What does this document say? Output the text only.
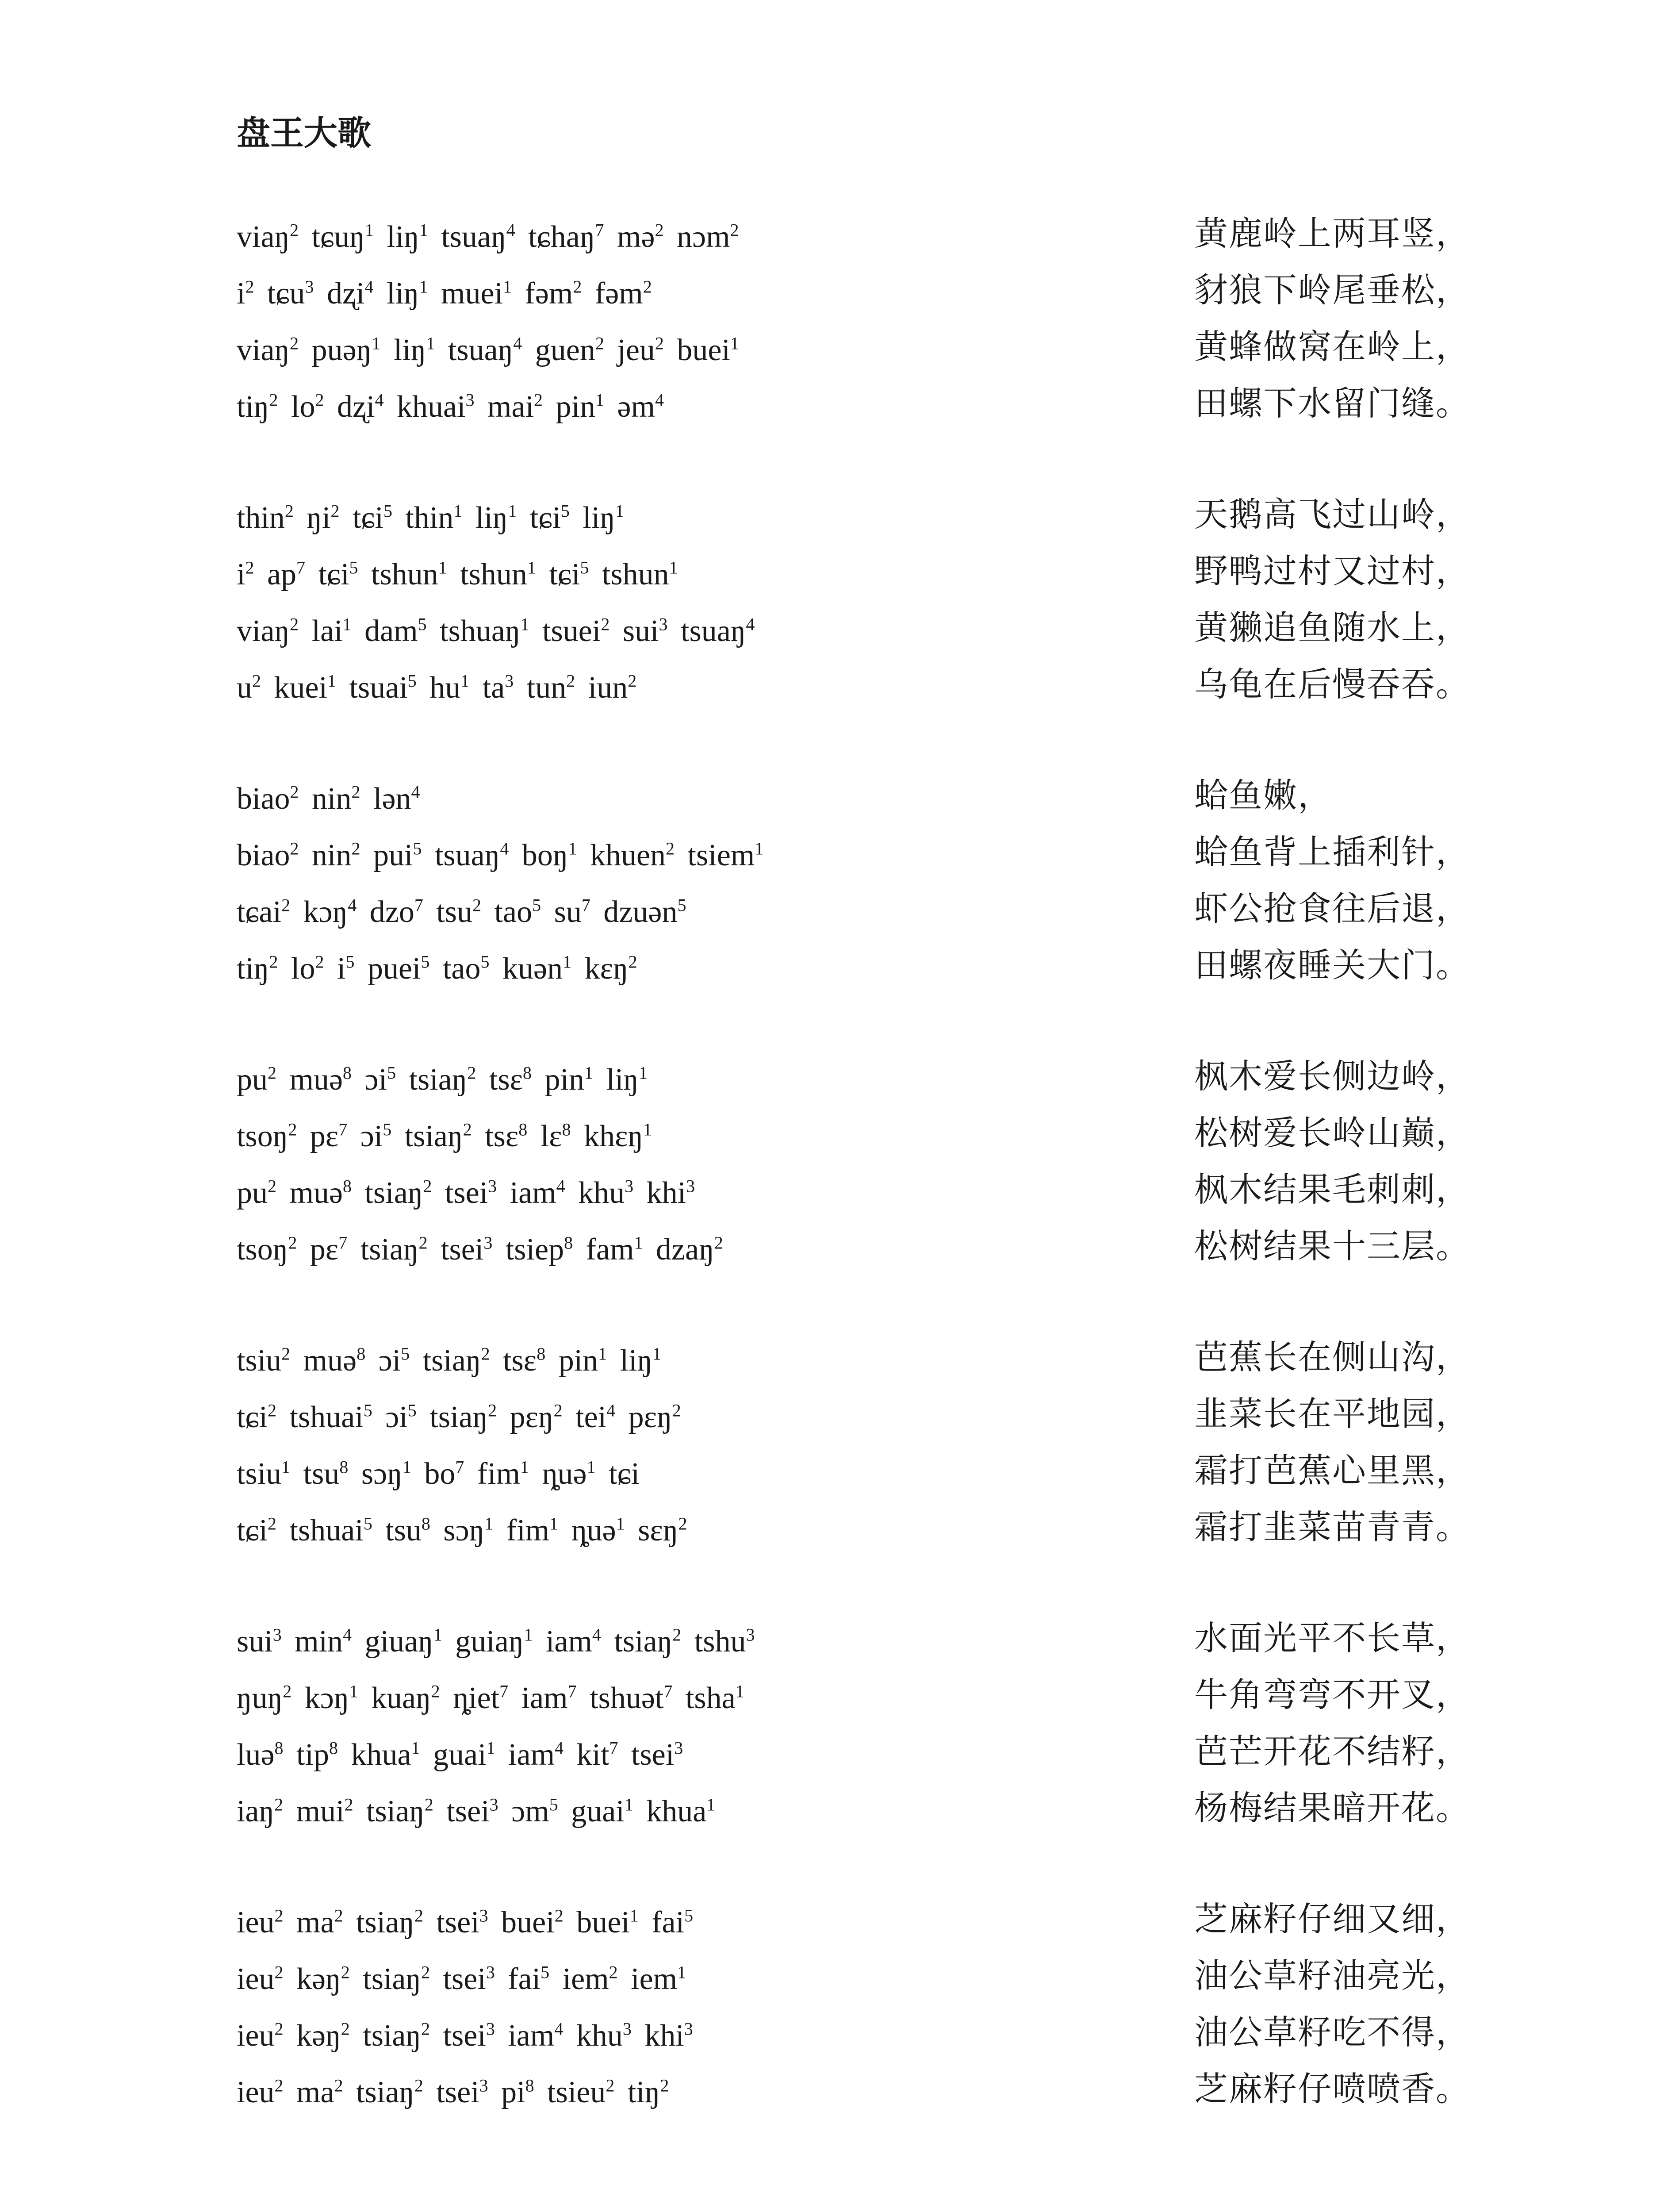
盘王大歌
viaŋ$^2$ tɕuŋ$^1$ liŋ$^1$ tsuaŋ$^4$ tɕhaŋ$^7$ mə$^2$ nɔm$^2$	黄鹿岭上两耳竖，
$i^2$ tɕu$^3$ dʐi$^4$ liŋ$^1$ muei$^1$ fəm$^2$ fəm$^2$	豺狼下岭尾垂松，
viaŋ$^2$ puəŋ$^1$ liŋ$^1$ tsuaŋ$^4$ guen$^2$ jeu$^2$ buei$^1$	黄蜂做窝在岭上，
tiŋ$^2$ $lo^2$ dʐi$^4$ khuai$^3$ mai$^2$ pin$^1$ əm$^4$	田螺下水留门缝。
thin$^2$ $ŋi^2$ tɕi$^5$ thin$^1$ liŋ$^1$ tɕi$^5$ liŋ$^1$	天鹅高飞过山岭，
$i^2$ $ap^7$ tɕi$^5$ tshun$^1$ tshun$^1$ tɕi$^5$ tshun$^1$	野鸭过村又过村，
viaŋ$^2$ lai$^1$ dam$^5$ tshuaŋ$^1$ tsuei$^2$ sui$^3$ tsuaŋ$^4$	黄獭追鱼随水上，
$u^2$ kuei$^1$ tsuai$^5$ $hu^1$ $ta^3$ tun$^2$ iun$^2$	乌龟在后慢吞吞。
biao$^2$ nin$^2$ lən$^4$	蛤鱼嫩，
biao$^2$ nin$^2$ pui$^5$ tsuaŋ$^4$ boŋ$^1$ khuen$^2$ tsiem$^1$	蛤鱼背上插利针，
tɕai$^2$ kɔŋ$^4$ dzo$^7$ tsu$^2$ tao$^5$ $su^7$ dzuən$^5$	虾公抢食往后退，
tiŋ$^2$ $lo^2$ $i^5$ puei$^5$ tao$^5$ kuən$^1$ kɛŋ$^2$	田螺夜睡关大门。
$pu^2$ muə$^8$ ɔi$^5$ tsiaŋ$^2$ tsɛ$^8$ pin$^1$ liŋ$^1$	枫木爱长侧边岭，
tsoŋ$^2$ pɛ$^7$ ɔi$^5$ tsiaŋ$^2$ tsɛ$^8$ lɛ$^8$ khɛŋ$^1$	松树爱长岭山巅，
$pu^2$ muə$^8$ tsiaŋ$^2$ tsei$^3$ iam$^4$ khu$^3$ khi$^3$	枫木结果毛刺刺，
tsoŋ$^2$ pɛ$^7$ tsiaŋ$^2$ tsei$^3$ tsiep$^8$ fam$^1$ dzaŋ$^2$	松树结果十三层。
tsiu$^2$ muə$^8$ ɔi$^5$ tsiaŋ$^2$ tsɛ$^8$ pin$^1$ liŋ$^1$	芭蕉长在侧山沟，
tɕi$^2$ tshuai$^5$ ɔi$^5$ tsiaŋ$^2$ pɛŋ$^2$ tei$^4$ pɛŋ$^2$	韭菜长在平地园，
tsiu$^1$ tsu$^8$ sɔŋ$^1$ $bo^7$ fim$^1$ ȵuə$^1$ tɕi	霜打芭蕉心里黑，
tɕi$^2$ tshuai$^5$ tsu$^8$ sɔŋ$^1$ fim$^1$ ȵuə$^1$ sɛŋ$^2$	霜打韭菜苗青青。
sui$^3$ $\min^4$ giuaŋ$^1$ guiaŋ$^1$ iam$^4$ tsiaŋ$^2$ tshu$^3$	水面光平不长草，
ŋuŋ$^2$ kɔŋ$^1$ kuaŋ$^2$ ȵiet$^7$ iam$^7$ tshuət$^7$ tsha$^1$	牛角弯弯不开叉，
luə$^8$ tip$^8$ khua$^1$ guai$^1$ iam$^4$ kit$^7$ tsei$^3$	芭芒开花不结籽，
iaŋ$^2$ mui$^2$ tsiaŋ$^2$ tsei$^3$ ɔm$^5$ guai$^1$ khua$^1$	杨梅结果暗开花。
ieu$^2$ $ma^2$ tsiaŋ$^2$ tsei$^3$ buei$^2$ buei$^1$ fai$^5$	芝麻籽仔细又细，
ieu$^2$ kəŋ$^2$ tsiaŋ$^2$ tsei$^3$ fai$^5$ iem$^2$ iem$^1$	油公草籽油亮光，
ieu$^2$ kəŋ$^2$ tsiaŋ$^2$ tsei$^3$ iam$^4$ khu$^3$ khi$^3$	油公草籽吃不得，
ieu$^2$ $ma^2$ tsiaŋ$^2$ tsei$^3$ $pi^8$ tsieu$^2$ tiŋ$^2$	芝麻籽仔喷喷香。
